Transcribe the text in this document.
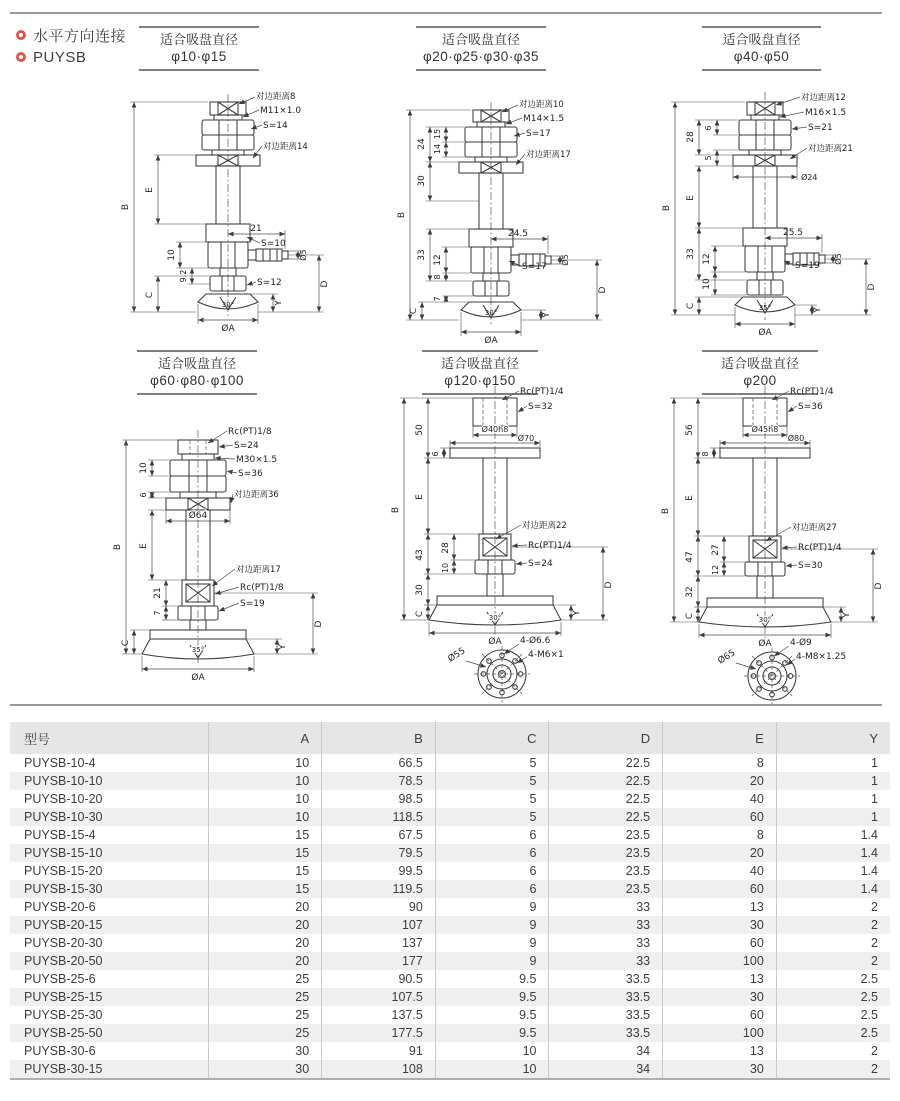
水平方向连接
PUYSB
适合吸盘直径
φ10·φ15
适合吸盘直径
φ20·φ25·φ30·φ35
适合吸盘直径
φ40·φ50
适合吸盘直径
φ60·φ80·φ100
适合吸盘直径
φ120·φ150
适合吸盘直径
φ200
B
E
10
9.2
C
D
Y
Ø5
21
ØA
30°
对边距离8
M11×1.0
S=14
对边距离14
S=10
S=12
B
24
15
14
30
33 12
8
7
C
24.5
Ø5
D
Y
ØA
30°
对边距离10
M14×1.5
S=17
对边距离17
S=17
B
28
6
5
Ø24
E
33 12
10
C
25.5
Ø5
D
Y
ØA
35°
对边距离12
M16×1.5
S=21
对边距离21
S=19
B
10
6
Ø64
E
21
7
C
D
Y
ØA
35°
Rc(PT)1/8
S=24
M30×1.5
S=36
对边距离36
对边距离17
Rc(PT)1/8
S=19
Ø40h8
Ø70
50
6
B
E
28
10
43
30
C
D
Y
ØA
30°
Ø55
4-Ø6.6
4-M6×1
Rc(PT)1/4
S=32
对边距离22
Rc(PT)1/4
S=24
Ø45h8
Ø80
56
8
B
E
27
12
47
32
C
D
Y
ØA
30°
Ø65
4-Ø9
4-M8×1.25
Rc(PT)1/4
S=36
对边距离27
Rc(PT)1/4
S=30
型号	A	B	C	D	E	Y
PUYSB-10-4	10	66.5	5	22.5	8	1
PUYSB-10-10	10	78.5	5	22.5	20	1
PUYSB-10-20	10	98.5	5	22.5	40	1
PUYSB-10-30	10	118.5	5	22.5	60	1
PUYSB-15-4	15	67.5	6	23.5	8	1.4
PUYSB-15-10	15	79.5	6	23.5	20	1.4
PUYSB-15-20	15	99.5	6	23.5	40	1.4
PUYSB-15-30	15	119.5	6	23.5	60	1.4
PUYSB-20-6	20	90	9	33	13	2
PUYSB-20-15	20	107	9	33	30	2
PUYSB-20-30	20	137	9	33	60	2
PUYSB-20-50	20	177	9	33	100	2
PUYSB-25-6	25	90.5	9.5	33.5	13	2.5
PUYSB-25-15	25	107.5	9.5	33.5	30	2.5
PUYSB-25-30	25	137.5	9.5	33.5	60	2.5
PUYSB-25-50	25	177.5	9.5	33.5	100	2.5
PUYSB-30-6	30	91	10	34	13	2
PUYSB-30-15	30	108	10	34	30	2
